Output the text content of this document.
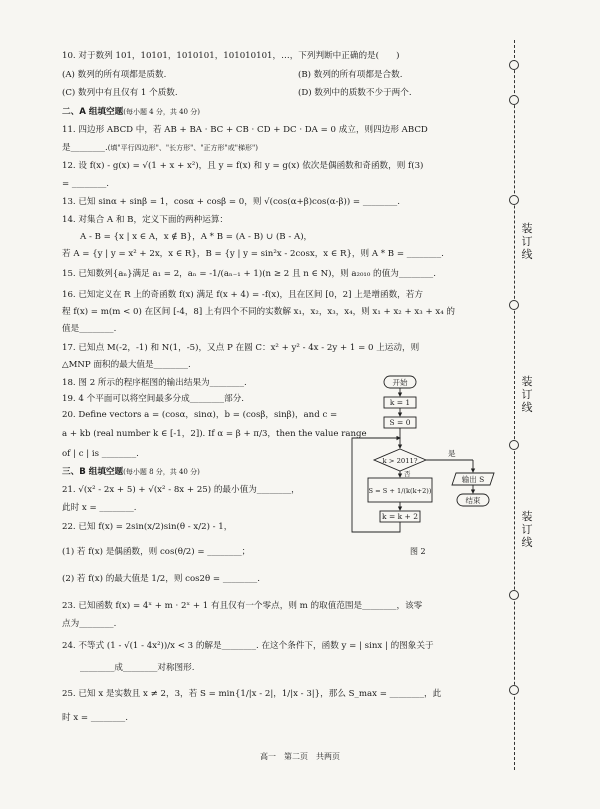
装订线
装订线
装订线
10. 对于数列 101，10101，1010101，101010101，…，下列判断中正确的是(　　)
(A) 数列的所有项都是质数.	(B) 数列的所有项都是合数.
(C) 数列中有且仅有 1 个质数.	(D) 数列中的质数不少于两个.
二、A 组填空题(每小题 4 分，共 40 分)
11. 四边形 ABCD 中，若 AB + BA · BC + CB · CD + DC · DA = 0 成立，则四边形 ABCD
是________.(填"平行四边形"、"长方形"、"正方形"或"梯形")
12. 设 f(x) - g(x) = √(1 + x + x²)，且 y = f(x) 和 y = g(x) 依次是偶函数和奇函数，则 f(3)
= ________.
13. 已知 sinα + sinβ = 1，cosα + cosβ = 0，则 √(cos(α+β)cos(α-β)) = ________.
14. 对集合 A 和 B，定义下面的两种运算：
A - B = {x | x ∈ A，x ∉ B}，A * B = (A - B) ∪ (B - A)，
若 A = {y | y = x² + 2x，x ∈ R}，B = {y | y = sin²x - 2cosx，x ∈ R}，则 A * B = ________.
15. 已知数列{aₙ}满足 a₁ = 2，aₙ = -1/(aₙ₋₁ + 1)(n ≥ 2 且 n ∈ N)，则 a₂₀₁₀ 的值为________.
16. 已知定义在 R 上的奇函数 f(x) 满足 f(x + 4) = -f(x)，且在区间 [0，2] 上是增函数，若方
程 f(x) = m(m < 0) 在区间 [-4，8] 上有四个不同的实数解 x₁，x₂，x₃，x₄，则 x₁ + x₂ + x₃ + x₄ 的
值是________.
17. 已知点 M(-2，-1) 和 N(1，-5)，又点 P 在圆 C：x² + y² - 4x - 2y + 1 = 0 上运动，则
△MNP 面积的最大值是________.
18. 图 2 所示的程序框图的输出结果为________.
19. 4 个平面可以将空间最多分成________部分.
20. Define vectors a = (cosα，sinα)，b = (cosβ，sinβ)，and c =
a + kb (real number k ∈ [-1，2]). If α = β + π/3，then the value range
of | c | is ________.
三、B 组填空题(每小题 8 分，共 40 分)
21. √(x² - 2x + 5) + √(x² - 8x + 25) 的最小值为________，
此时 x = ________.
22. 已知 f(x) = 2sin(x/2)sin(θ - x/2) - 1，
(1) 若 f(x) 是偶函数，则 cos(θ/2) = ________；
(2) 若 f(x) 的最大值是 1/2，则 cos2θ = ________.
23. 已知函数 f(x) = 4ˣ + m · 2ˣ + 1 有且仅有一个零点，则 m 的取值范围是________，该零
点为________.
24. 不等式 (1 - √(1 - 4x²))/x < 3 的解是________. 在这个条件下，函数 y = | sinx | 的图象关于
________成________对称图形.
25. 已知 x 是实数且 x ≠ 2，3，若 S = min{1/|x - 2|，1/|x - 3|}，那么 S_max = ________，此
时 x = ________.
开始
k = 1
S = 0
k > 2011?
是
输出 S
结束
否
S = S + 1/(k(k+2))
k = k + 2
图 2
高一　第二页　共两页
